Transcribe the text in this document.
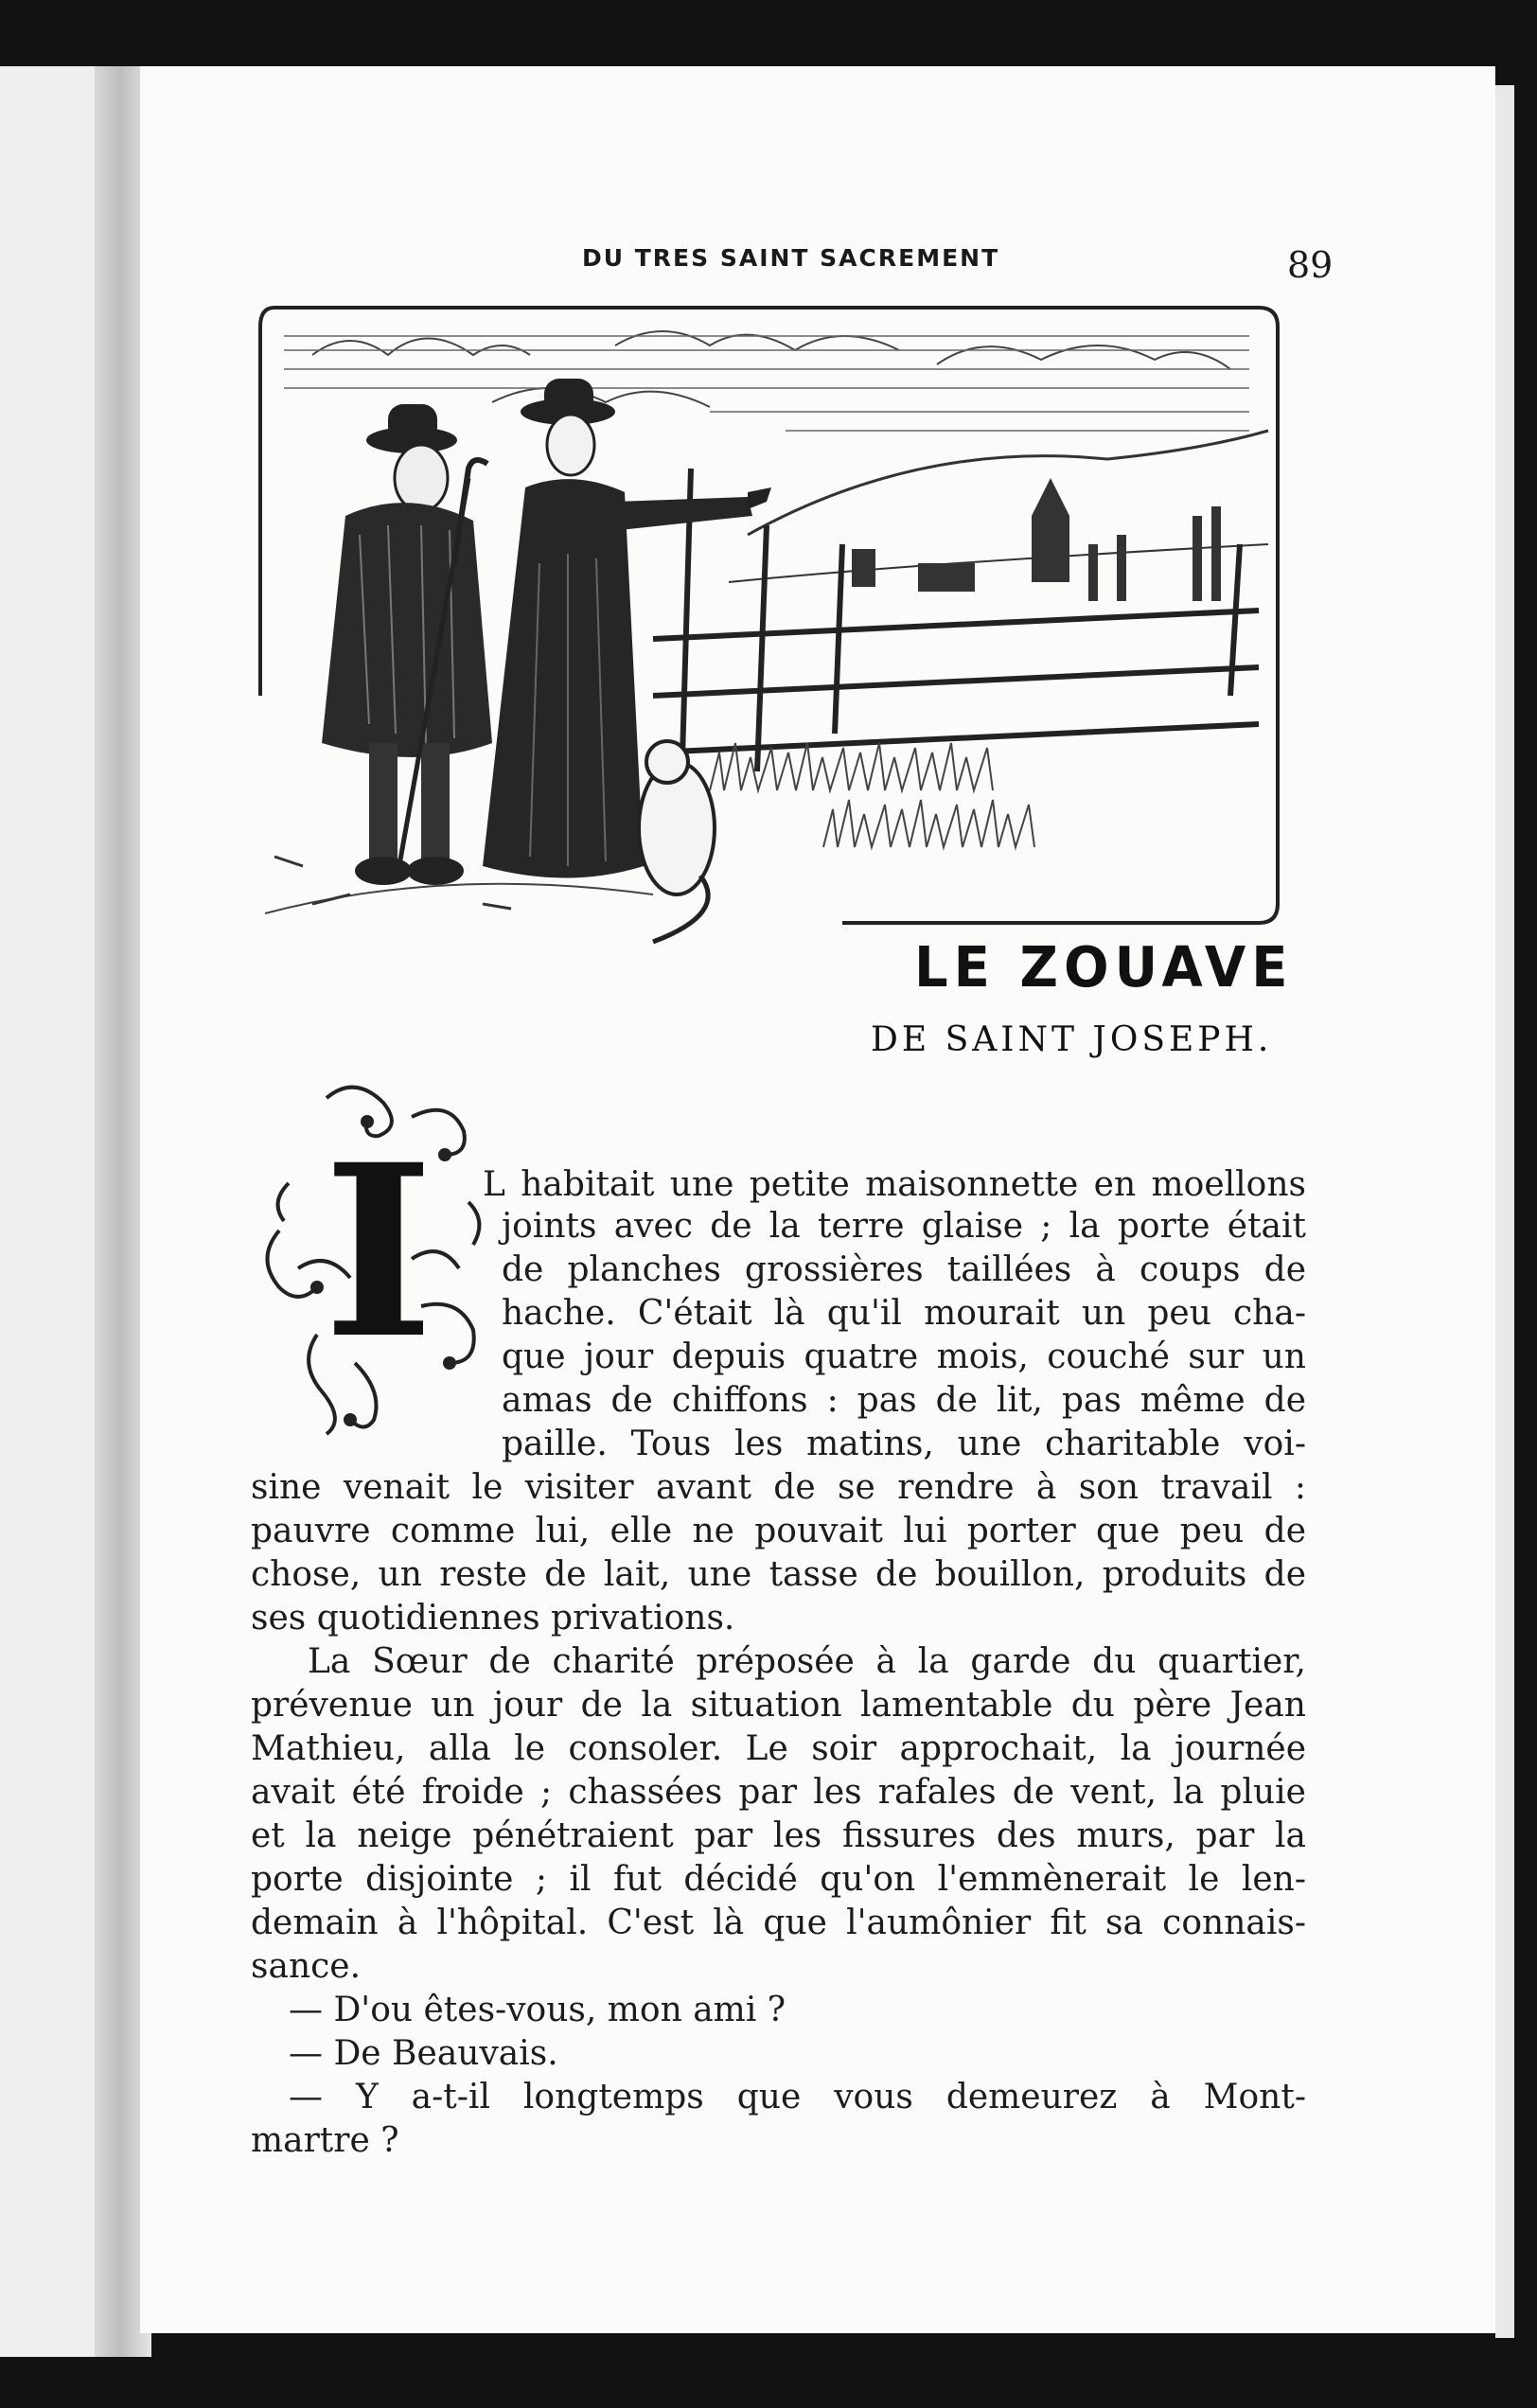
DU TRES SAINT SACREMENT	89
LE ZOUAVE
DE SAINT JOSEPH.
I L habitait une petite maisonnette en moellons
joints avec de la terre glaise ; la porte était
de planches grossières taillées à coups de
hache. C'était là qu'il mourait un peu cha-
que jour depuis quatre mois, couché sur un
amas de chiffons : pas de lit, pas même de
paille. Tous les matins, une charitable voi-
sine venait le visiter avant de se rendre à son travail :
pauvre comme lui, elle ne pouvait lui porter que peu de
chose, un reste de lait, une tasse de bouillon, produits de
ses quotidiennes privations.
La Sœur de charité préposée à la garde du quartier,
prévenue un jour de la situation lamentable du père Jean
Mathieu, alla le consoler. Le soir approchait, la journée
avait été froide ; chassées par les rafales de vent, la pluie
et la neige pénétraient par les fissures des murs, par la
porte disjointe ; il fut décidé qu'on l'emmènerait le len-
demain à l'hôpital. C'est là que l'aumônier fit sa connais-
sance.
— D'ou êtes-vous, mon ami ?
— De Beauvais.
— Y a-t-il longtemps que vous demeurez à Mont-
martre ?
